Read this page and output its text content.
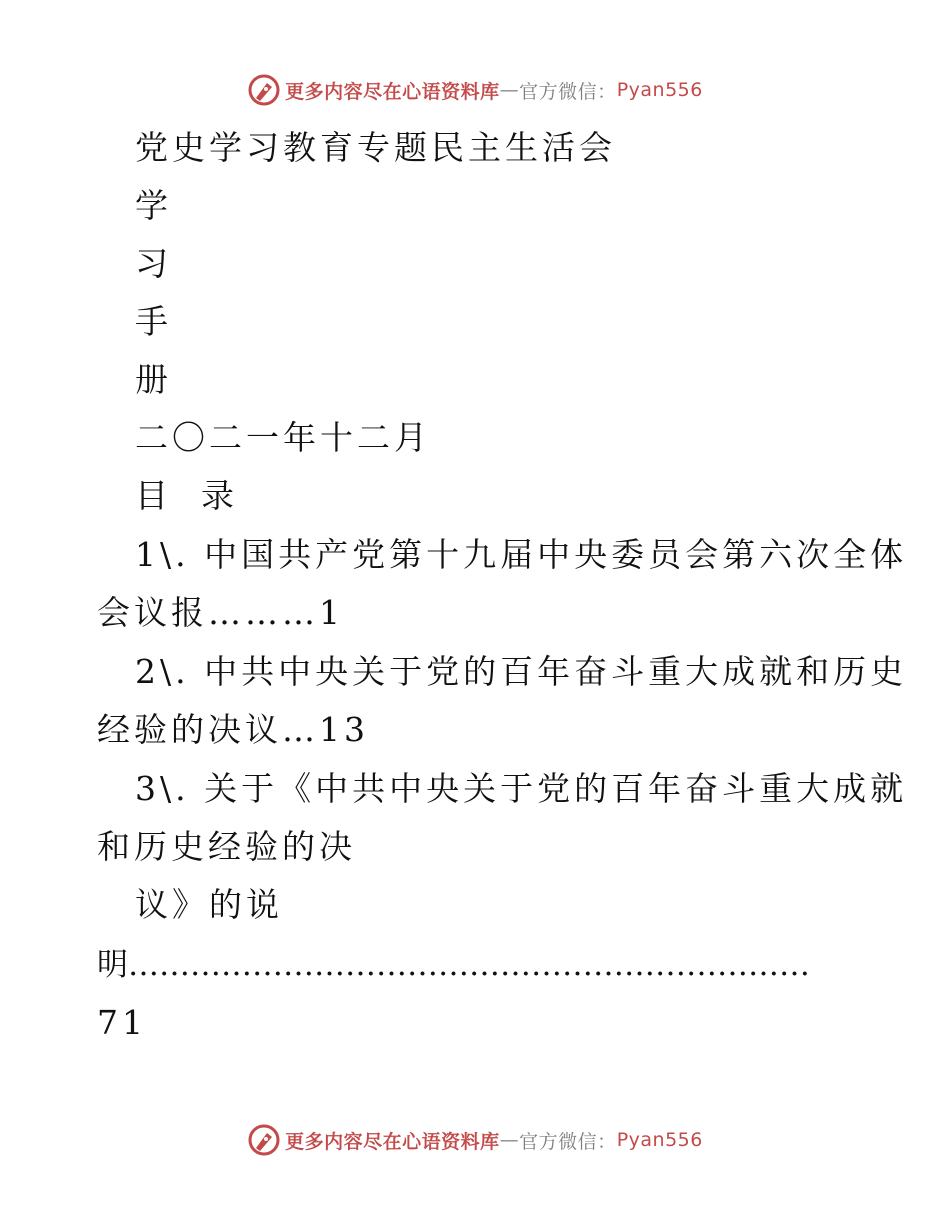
更多内容尽在心语资料库 — 官方微信： Pyan556
党史学习教育专题民主生活会
学
习
手
册
二〇二一年十二月
目  录
1\. 中国共产党第十九届中央委员会第六次全体
会议报………1
2\. 中共中央关于党的百年奋斗重大成就和历史
经验的决议…13
3\. 关于《中共中央关于党的百年奋斗重大成就
和历史经验的决
议》的说
明…………………………………………………………
71
更多内容尽在心语资料库 — 官方微信： Pyan556
